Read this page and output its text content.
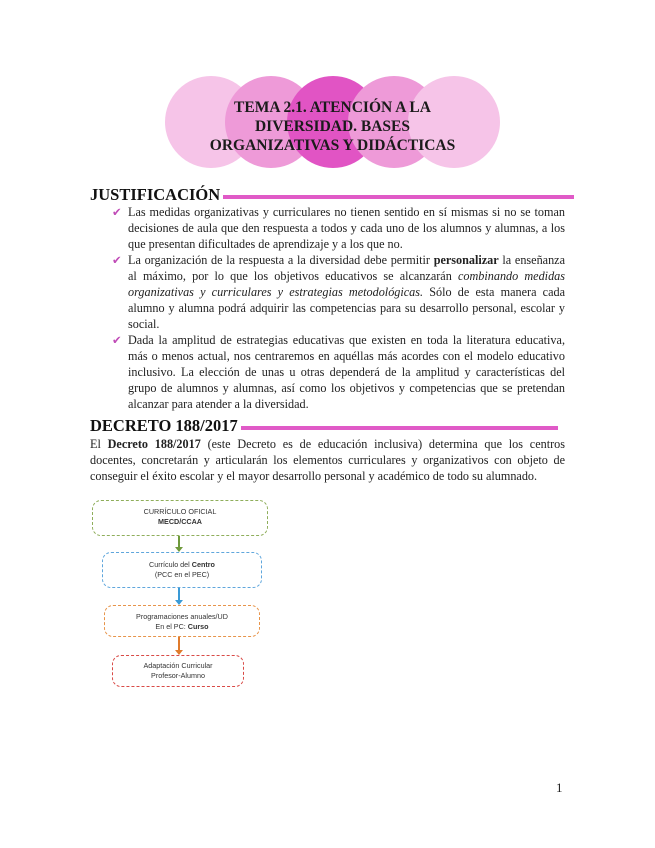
TEMA 2.1. ATENCIÓN A LA
DIVERSIDAD. BASES
ORGANIZATIVAS Y DIDÁCTICAS
JUSTIFICACIÓN
✔ Las medidas organizativas y curriculares no tienen sentido en sí mismas si no se toman decisiones de aula que den respuesta a todos y cada uno de los alumnos y alumnas, a los que presentan dificultades de aprendizaje y a los que no.
✔ La organización de la respuesta a la diversidad debe permitir personalizar la enseñanza al máximo, por lo que los objetivos educativos se alcanzarán combinando medidas organizativas y curriculares y estrategias metodológicas. Sólo de esta manera cada alumno y alumna podrá adquirir las competencias para su desarrollo personal, escolar y social.
✔ Dada la amplitud de estrategias educativas que existen en toda la literatura educativa, más o menos actual, nos centraremos en aquéllas más acordes con el modelo educativo inclusivo. La elección de unas u otras dependerá de la amplitud y características del grupo de alumnos y alumnas, así como los objetivos y competencias que se pretendan alcanzar para atender a la diversidad.
DECRETO 188/2017

El Decreto 188/2017 (este Decreto es de educación inclusiva) determina que los centros docentes, concretarán y articularán los elementos curriculares y organizativos con objeto de conseguir el éxito escolar y el mayor desarrollo personal y académico de todo su alumnado.

CURRÍCULO OFICIAL
MECD/CCAA
Currículo del Centro
(PCC en el PEC)
Programaciones anuales/UD
En el PC: Curso
Adaptación Curricular
Profesor-Alumno
1
